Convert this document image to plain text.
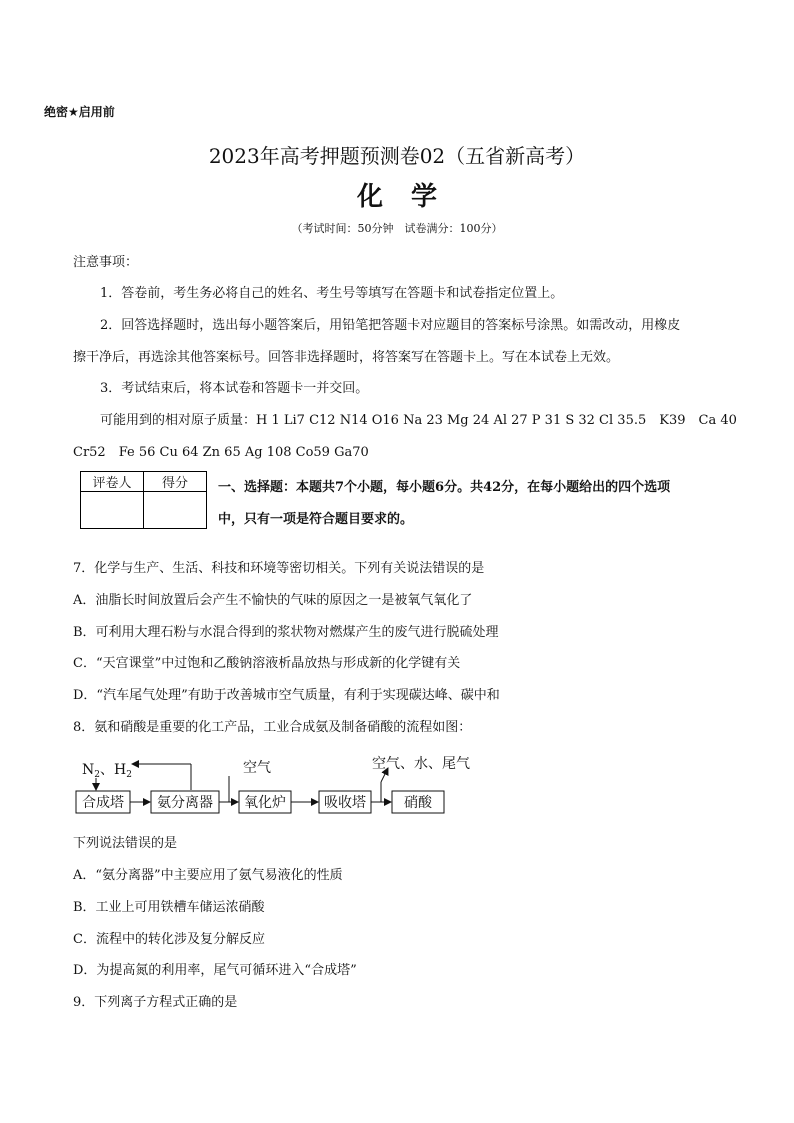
绝密★启用前
2023年高考押题预测卷02（五省新高考）
化学
（考试时间：50分钟　试卷满分：100分）
注意事项：
1．答卷前，考生务必将自己的姓名、考生号等填写在答题卡和试卷指定位置上。
2．回答选择题时，选出每小题答案后，用铅笔把答题卡对应题目的答案标号涂黑。如需改动，用橡皮
擦干净后，再选涂其他答案标号。回答非选择题时，将答案写在答题卡上。写在本试卷上无效。
3．考试结束后，将本试卷和答题卡一并交回。
可能用到的相对原子质量：H 1 Li7 C12 N14 O16 Na 23 Mg 24 Al 27 P 31 S 32 Cl 35.5　K39　Ca 40
Cr52　Fe 56 Cu 64 Zn 65 Ag 108 Co59 Ga70
评卷人	得分
	一、选择题：本题共7个小题，每小题6分。共42分，在每小题给出的四个选项
中，只有一项是符合题目要求的。
7．化学与生产、生活、科技和环境等密切相关。下列有关说法错误的是
A．油脂长时间放置后会产生不愉快的气味的原因之一是被氧气氧化了
B．可利用大理石粉与水混合得到的浆状物对燃煤产生的废气进行脱硫处理
C．“天宫课堂”中过饱和乙酸钠溶液析晶放热与形成新的化学键有关
D．“汽车尾气处理”有助于改善城市空气质量，有利于实现碳达峰、碳中和
8．氨和硝酸是重要的化工产品，工业合成氨及制备硝酸的流程如图：
$N_2$、$H_2$
合成塔 氨分离器
空气
氧化炉	吸收塔
空气、水、尾气
硝酸
下列说法错误的是
A．“氨分离器”中主要应用了氨气易液化的性质
B．工业上可用铁槽车储运浓硝酸
C．流程中的转化涉及复分解反应
D．为提高氮的利用率，尾气可循环进入“合成塔”
9．下列离子方程式正确的是
